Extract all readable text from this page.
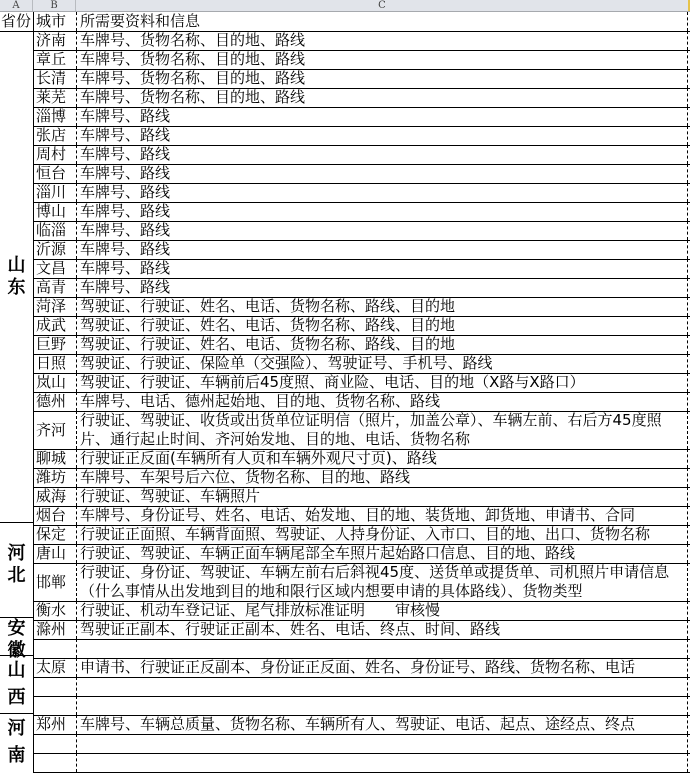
A	B	C
省份 城市 所需要资料和信息
济南 车牌号、货物名称、目的地、路线
章丘 车牌号、货物名称、目的地、路线
长清 车牌号、货物名称、目的地、路线
莱芜 车牌号、货物名称、目的地、路线
淄博 车牌号、路线
张店 车牌号、路线
周村 车牌号、路线
恒台 车牌号、路线
淄川 车牌号、路线
博山 车牌号、路线
临淄 车牌号、路线
沂源 车牌号、路线
文昌 车牌号、路线
高青 车牌号、路线
菏泽 驾驶证、行驶证、姓名、电话、货物名称、路线、目的地
成武 驾驶证、行驶证、姓名、电话、货物名称、路线、目的地
巨野 驾驶证、行驶证、姓名、电话、货物名称、路线、目的地
日照 驾驶证、行驶证、保险单（交强险）、驾驶证号、手机号、路线
岚山 驾驶证、行驶证、车辆前后45度照、商业险、电话、目的地（X路与X路口）
德州 车牌号、电话、德州起始地、目的地、货物名称、路线
齐河
行驶证、驾驶证、收货或出货单位证明信（照片，加盖公章）、车辆左前、右后方45度照片、通行起止时间、齐河始发地、目的地、电话、货物名称
聊城 行驶证正反面(车辆所有人页和车辆外观尺寸页)、路线
潍坊 车牌号、车架号后六位、货物名称、目的地、路线
威海 行驶证、驾驶证、车辆照片
烟台 车牌号、身份证号、姓名、电话、始发地、目的地、装货地、卸货地、申请书、合同
保定 行驶证正面照、车辆背面照、驾驶证、人持身份证、入市口、目的地、出口、货物名称
唐山 行驶证、驾驶证、车辆正面车辆尾部全车照片起始路口信息、目的地、路线
邯郸
行驶证、身份证、驾驶证、车辆左前右后斜视45度、送货单或提货单、司机照片申请信息（什么事情从出发地到目的地和限行区域内想要申请的具体路线）、货物类型
衡水 行驶证、机动车登记证、尾气排放标准证明　　审核慢
滁州 驾驶证正副本、行驶证正副本、姓名、电话、终点、时间、路线
太原 申请书、行驶证正反副本、身份证正反面、姓名、身份证号、路线、货物名称、电话
郑州 车牌号、车辆总质量、货物名称、车辆所有人、驾驶证、电话、起点、途经点、终点
山
东
河
北
安
徽
山
西
河
南
